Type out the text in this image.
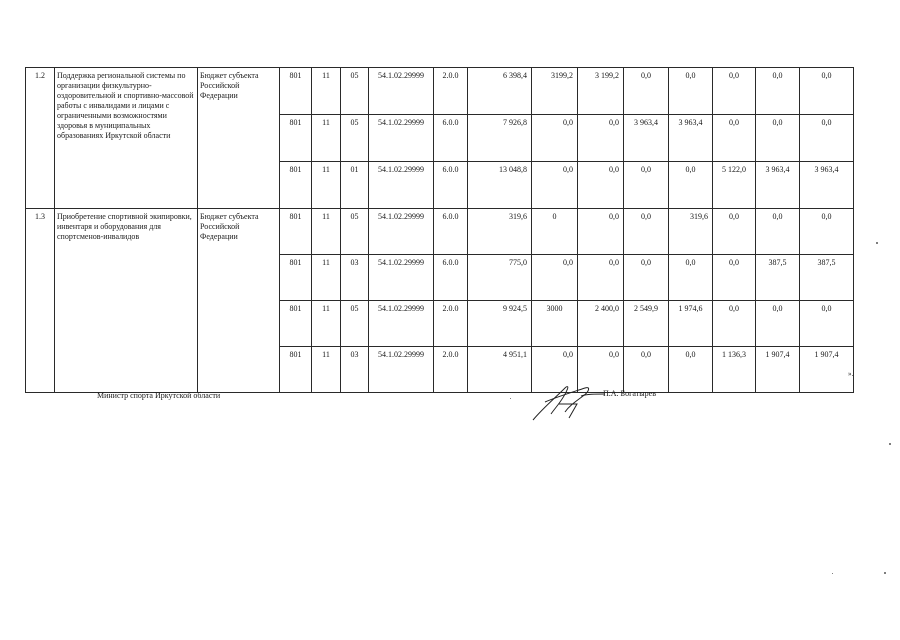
1.2	Поддержка региональной системы по организации физкультурно-оздоровительной и спортивно-массовой работы с инвалидами и лицами с ограниченными возможностями здоровья в муниципальных образованиях Иркутской области	Бюджет субъекта Российской Федерации	801	11	05	54.1.02.29999	2.0.0	6 398,4	3199,2	3 199,2	0,0	0,0	0,0	0,0	0,0
			801	11	05	54.1.02.29999	6.0.0	7 926,8	0,0	0,0	3 963,4	3 963,4	0,0	0,0	0,0
			801	11	01	54.1.02.29999	6.0.0	13 048,8	0,0	0,0	0,0	0,0	5 122,0	3 963,4	3 963,4
1.3	Приобретение спортивной экипировки, инвентаря и оборудования для спортсменов-инвалидов	Бюджет субъекта Российской Федерации	801	11	05	54.1.02.29999	6.0.0	319,6	0	0,0	0,0	319,6	0,0	0,0	0,0
			801	11	03	54.1.02.29999	6.0.0	775,0	0,0	0,0	0,0	0,0	0,0	387,5	387,5
			801	11	05	54.1.02.29999	2.0.0	9 924,5	3000	2 400,0	2 549,9	1 974,6	0,0	0,0	0,0
			801	11	03	54.1.02.29999	2.0.0	4 951,1	0,0	0,0	0,0	0,0	1 136,3	1 907,4	1 907,4
».
Министр спорта Иркутской области	П.А. Богатырев
